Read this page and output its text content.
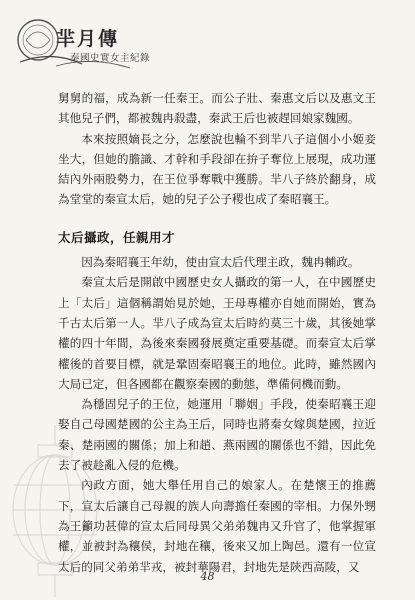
羋月傳
秦國史實女主紀錄

舅舅的福，成為新一任秦王。而公子壯、秦惠文后以及惠文王其他兒子們，都被魏冉殺盡，秦武王后也被趕回娘家魏國。

本來按照嫡長之分，怎麼說也輪不到羋八子這個小小姬妾坐大，但她的膽識、才幹和手段卻在拚子奪位上展現，成功運結內外兩股勢力，在王位爭奪戰中獲勝。羋八子終於翻身，成為堂堂的秦宣太后，她的兒子公子稷也成了秦昭襄王。

太后攝政，任親用才

因為秦昭襄王年幼，使由宣太后代理主政，魏冉輔政。

秦宣太后是開啟中國歷史女人攝政的第一人，在中國歷史上「太后」這個稱謂始見於她，王母專權亦自她而開始，實為千古太后第一人。羋八子成為宣太后時約莫三十歲，其後她掌權的四十年間，為後來秦國發展奠定重要基礎。而秦宣太后掌權後的首要目標，就是鞏固秦昭襄王的地位。此時，雖然國內大局已定，但各國都在觀察秦國的動態，準備伺機而動。

為穩固兒子的王位，她運用「聯姻」手段，使秦昭襄王迎娶自己母國楚國的公主為王后，同時也將秦女嫁與楚國，拉近秦、楚兩國的關係；加上和趙、燕兩國的關係也不錯，因此免去了被趁亂入侵的危機。

內政方面，她大舉任用自己的娘家人。在楚懷王的推薦下，宣太后讓自己母親的族人向壽擔任秦國的宰相。力保外甥為王籲功甚偉的宣太后同母異父弟弟魏冉又升官了，他掌握軍權，並被封為穰侯，封地在穰，後來又加上陶邑。還有一位宣太后的同父弟弟羋戎，被封華陽君，封地先是陝西高陵，又

48
